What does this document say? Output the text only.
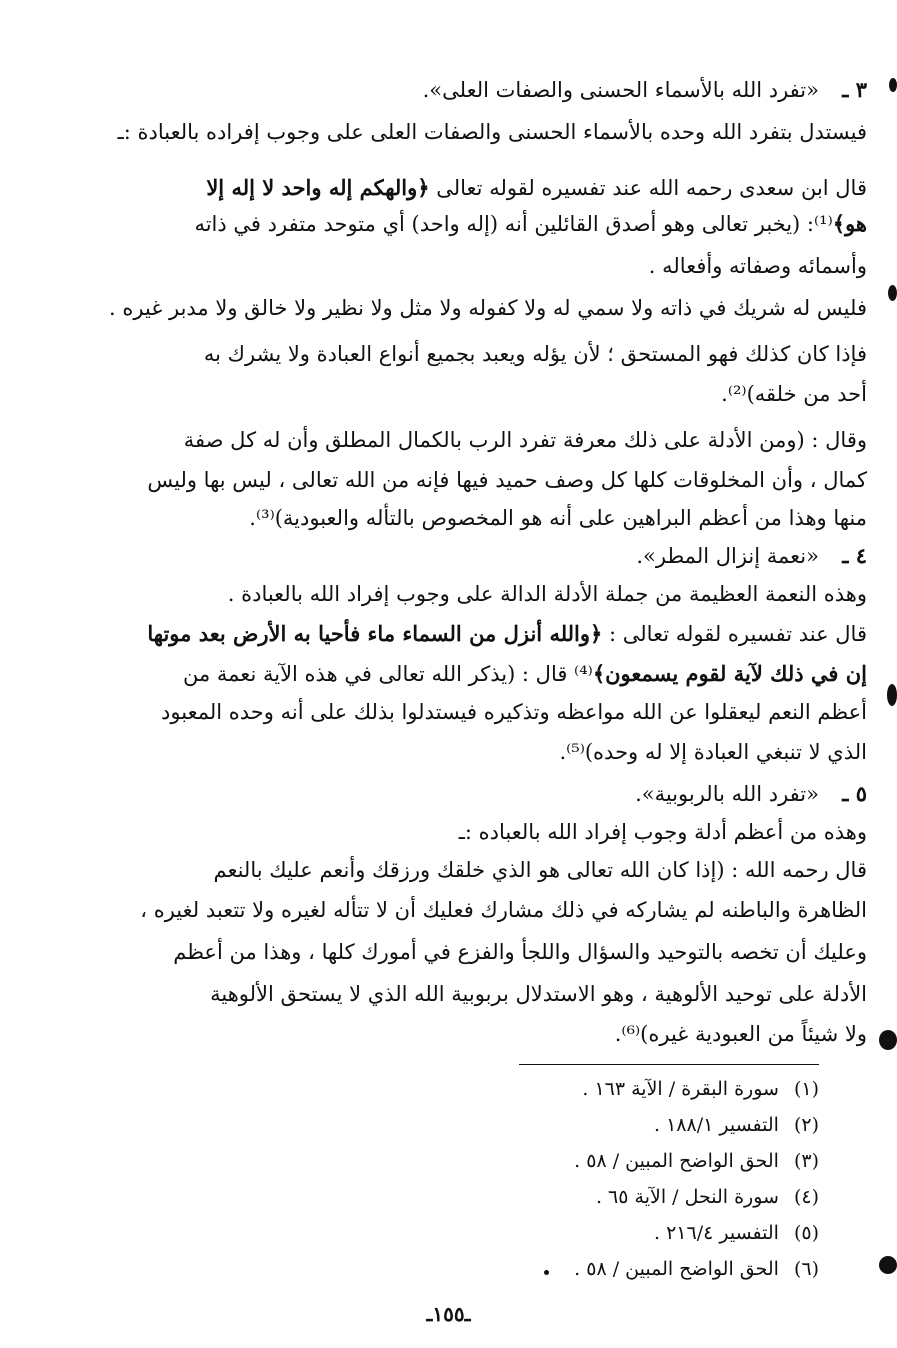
٣ ـ
«تفرد الله بالأسماء الحسنى والصفات العلى».
فيستدل بتفرد الله وحده بالأسماء الحسنى والصفات العلى على وجوب إفراده بالعبادة :ـ
قال ابن سعدى رحمه الله عند تفسيره لقوله تعالى ﴿والهكم إله واحد لا إله إلا
هو﴾⁽¹⁾: (يخبر تعالى وهو أصدق القائلين أنه (إله واحد) أي متوحد متفرد في ذاته
وأسمائه وصفاته وأفعاله .
فليس له شريك في ذاته ولا سمي له ولا كفوله ولا مثل ولا نظير ولا خالق ولا مدبر غيره .
فإذا كان كذلك فهو المستحق ؛ لأن يؤله ويعبد بجميع أنواع العبادة ولا يشرك به
أحد من خلقه)⁽²⁾.
وقال : (ومن الأدلة على ذلك معرفة تفرد الرب بالكمال المطلق وأن له كل صفة
كمال ، وأن المخلوقات كلها كل وصف حميد فيها فإنه من الله تعالى ، ليس بها وليس
منها وهذا من أعظم البراهين على أنه هو المخصوص بالتأله والعبودية)⁽³⁾.
٤ ـ
«نعمة إنزال المطر».
وهذه النعمة العظيمة من جملة الأدلة الدالة على وجوب إفراد الله بالعبادة .
قال عند تفسيره لقوله تعالى : ﴿والله أنزل من السماء ماء فأحيا به الأرض بعد موتها
إن في ذلك لآية لقوم يسمعون﴾⁽⁴⁾ قال : (يذكر الله تعالى في هذه الآية نعمة من
أعظم النعم ليعقلوا عن الله مواعظه وتذكيره فيستدلوا بذلك على أنه وحده المعبود
الذي لا تنبغي العبادة إلا له وحده)⁽⁵⁾.
٥ ـ
«تفرد الله بالربوبية».
وهذه من أعظم أدلة وجوب إفراد الله بالعباده :ـ
قال رحمه الله : (إذا كان الله تعالى هو الذي خلقك ورزقك وأنعم عليك بالنعم
الظاهرة والباطنه لم يشاركه في ذلك مشارك فعليك أن لا تتأله لغيره ولا تتعبد لغيره ،
وعليك أن تخصه بالتوحيد والسؤال واللجأ والفزع في أمورك كلها ، وهذا من أعظم
الأدلة على توحيد الألوهية ، وهو الاستدلال بربوبية الله الذي لا يستحق الألوهية
ولا شيئاً من العبودية غيره)⁽⁶⁾.
(١) سورة البقرة / الآية ١٦٣ .
(٢) التفسير ١٨٨/١ .
(٣) الحق الواضح المبين / ٥٨ .
(٤) سورة النحل / الآية ٦٥ .
(٥) التفسير ٢١٦/٤ .
(٦) الحق الواضح المبين / ٥٨ .
ـ١٥٥ـ
